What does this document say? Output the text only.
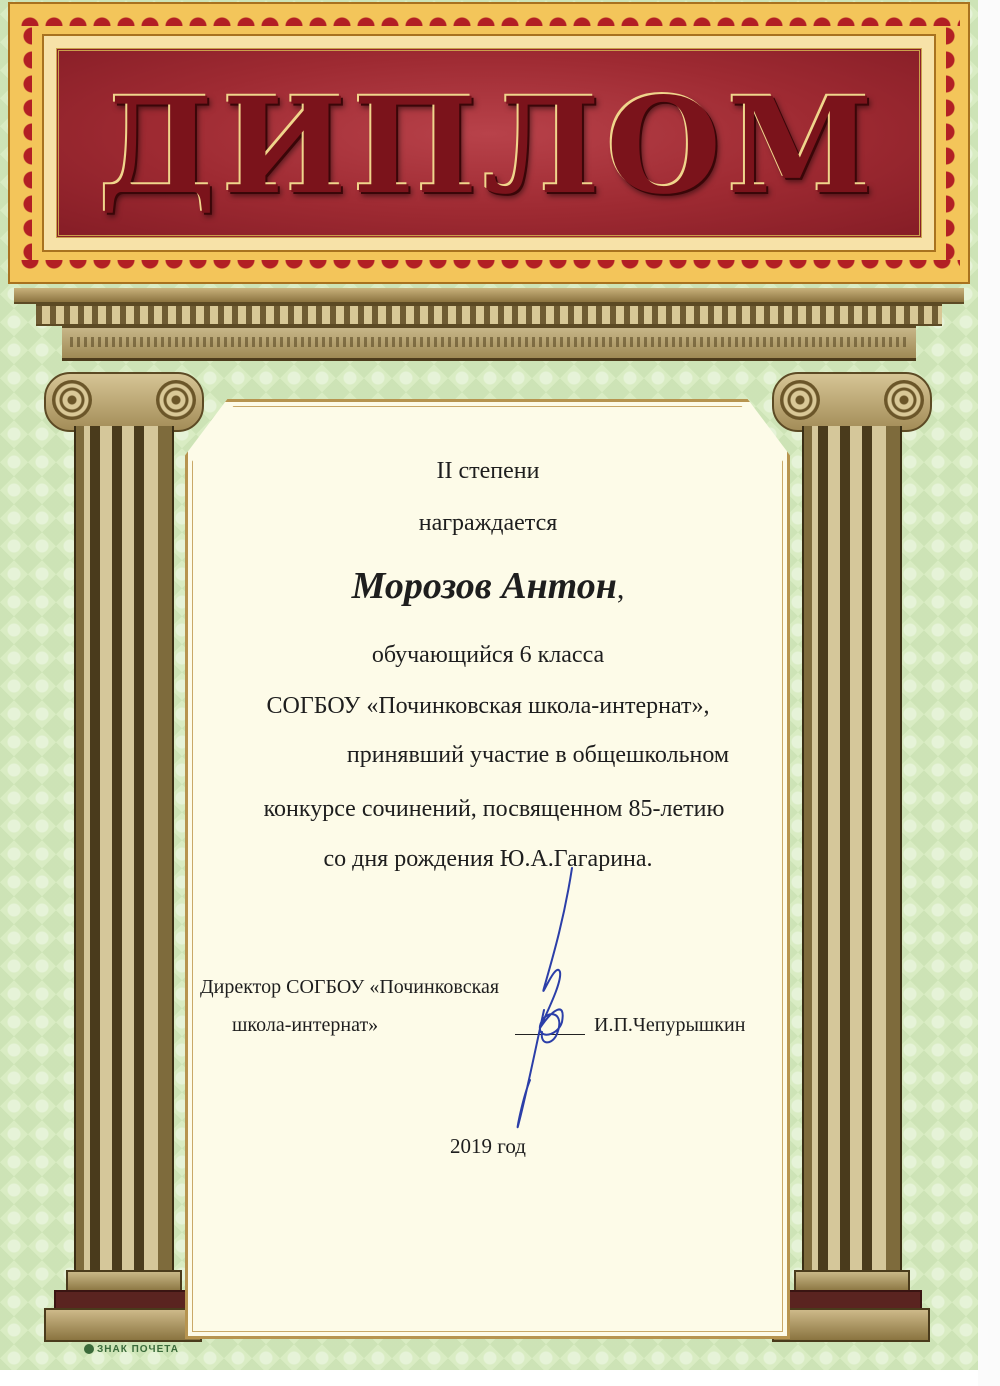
ДИПЛОМ
II степени
награждается
Морозов Антон,
обучающийся 6 класса
СОГБОУ «Починковская школа-интернат»,
принявший участие в общешкольном
конкурсе сочинений, посвященном 85-летию
со дня рождения Ю.А.Гагарина.
Директор СОГБОУ «Починковская
школа-интернат»	И.П.Чепурышкин
2019 год
ЗНАК ПОЧЕТА
